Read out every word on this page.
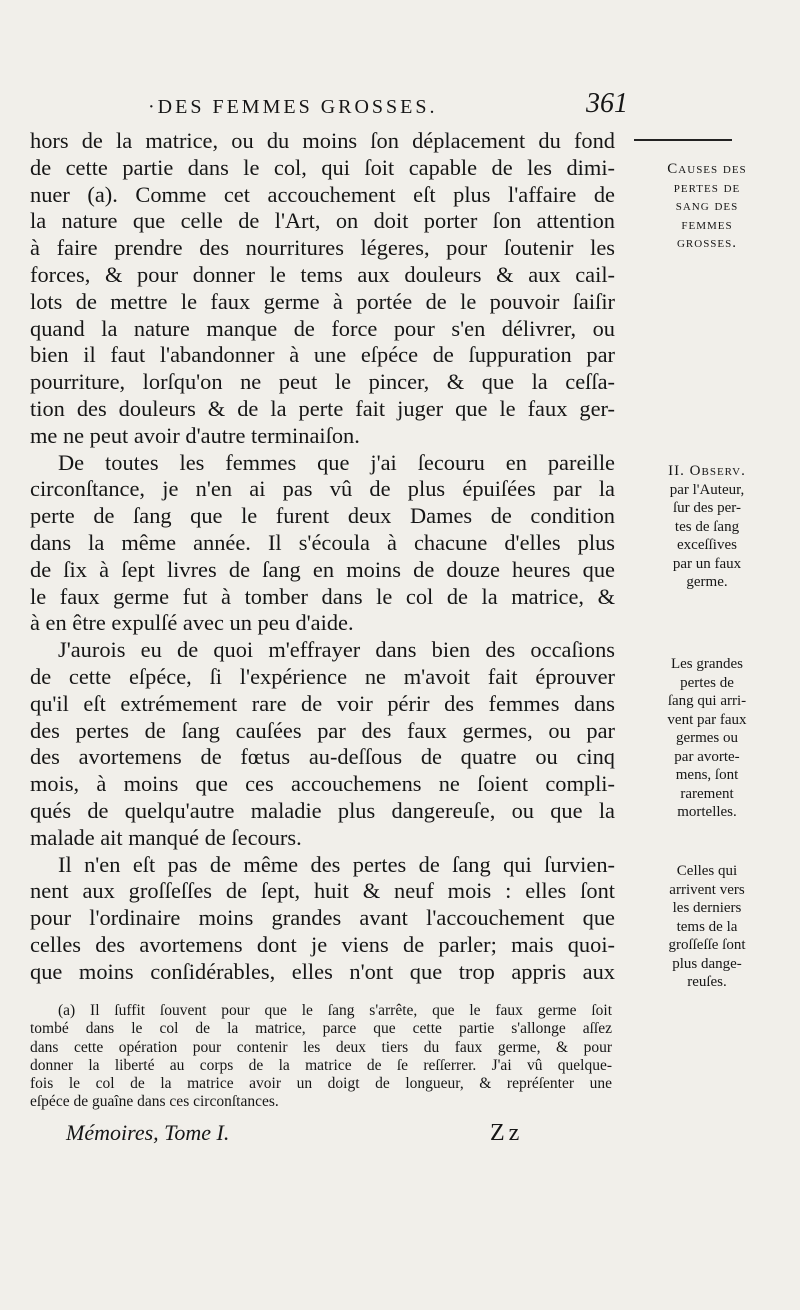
·DES FEMMES GROSSES.	361

hors de la matrice, ou du moins ſon déplacement du fond
de cette partie dans le col, qui ſoit capable de les dimi-
nuer (a). Comme cet accouchement eſt plus l'affaire de
la nature que celle de l'Art, on doit porter ſon attention
à faire prendre des nourritures légeres, pour ſoutenir les
forces, & pour donner le tems aux douleurs & aux cail-
lots de mettre le faux germe à portée de le pouvoir ſaiſir
quand la nature manque de force pour s'en délivrer, ou
bien il faut l'abandonner à une eſpéce de ſuppuration par
pourriture, lorſqu'on ne peut le pincer, & que la ceſſa-
tion des douleurs & de la perte fait juger que le faux ger-
me ne peut avoir d'autre terminaiſon.

De toutes les femmes que j'ai ſecouru en pareille
circonſtance, je n'en ai pas vû de plus épuiſées par la
perte de ſang que le furent deux Dames de condition
dans la même année. Il s'écoula à chacune d'elles plus
de ſix à ſept livres de ſang en moins de douze heures que
le faux germe fut à tomber dans le col de la matrice, &
à en être expulſé avec un peu d'aide.

J'aurois eu de quoi m'effrayer dans bien des occaſions
de cette eſpéce, ſi l'expérience ne m'avoit fait éprouver
qu'il eſt extrémement rare de voir périr des femmes dans
des pertes de ſang cauſées par des faux germes, ou par
des avortemens de fœtus au-deſſous de quatre ou cinq
mois, à moins que ces accouchemens ne ſoient compli-
qués de quelqu'autre maladie plus dangereuſe, ou que la
malade ait manqué de ſecours.

Il n'en eſt pas de même des pertes de ſang qui ſurvien-
nent aux groſſeſſes de ſept, huit & neuf mois : elles ſont
pour l'ordinaire moins grandes avant l'accouchement que
celles des avortemens dont je viens de parler; mais quoi-
que moins conſidérables, elles n'ont que trop appris aux

Causes des
pertes de
sang des
femmes
grosses.
II. Observ.
par l'Auteur,
ſur des per-
tes de ſang
exceſſives
par un faux
germe.
Les grandes
pertes de
ſang qui arri-
vent par faux
germes ou
par avorte-
mens, ſont
rarement
mortelles.
Celles qui
arrivent vers
les derniers
tems de la
groſſeſſe ſont
plus dange-
reuſes.
(a) Il ſuffit ſouvent pour que le ſang s'arrête, que le faux germe ſoit
tombé dans le col de la matrice, parce que cette partie s'allonge aſſez
dans cette opération pour contenir les deux tiers du faux germe, & pour
donner la liberté au corps de la matrice de ſe reſſerrer. J'ai vû quelque-
fois le col de la matrice avoir un doigt de longueur, & repréſenter une
eſpéce de guaîne dans ces circonſtances.
Mémoires, Tome I.	Zz
